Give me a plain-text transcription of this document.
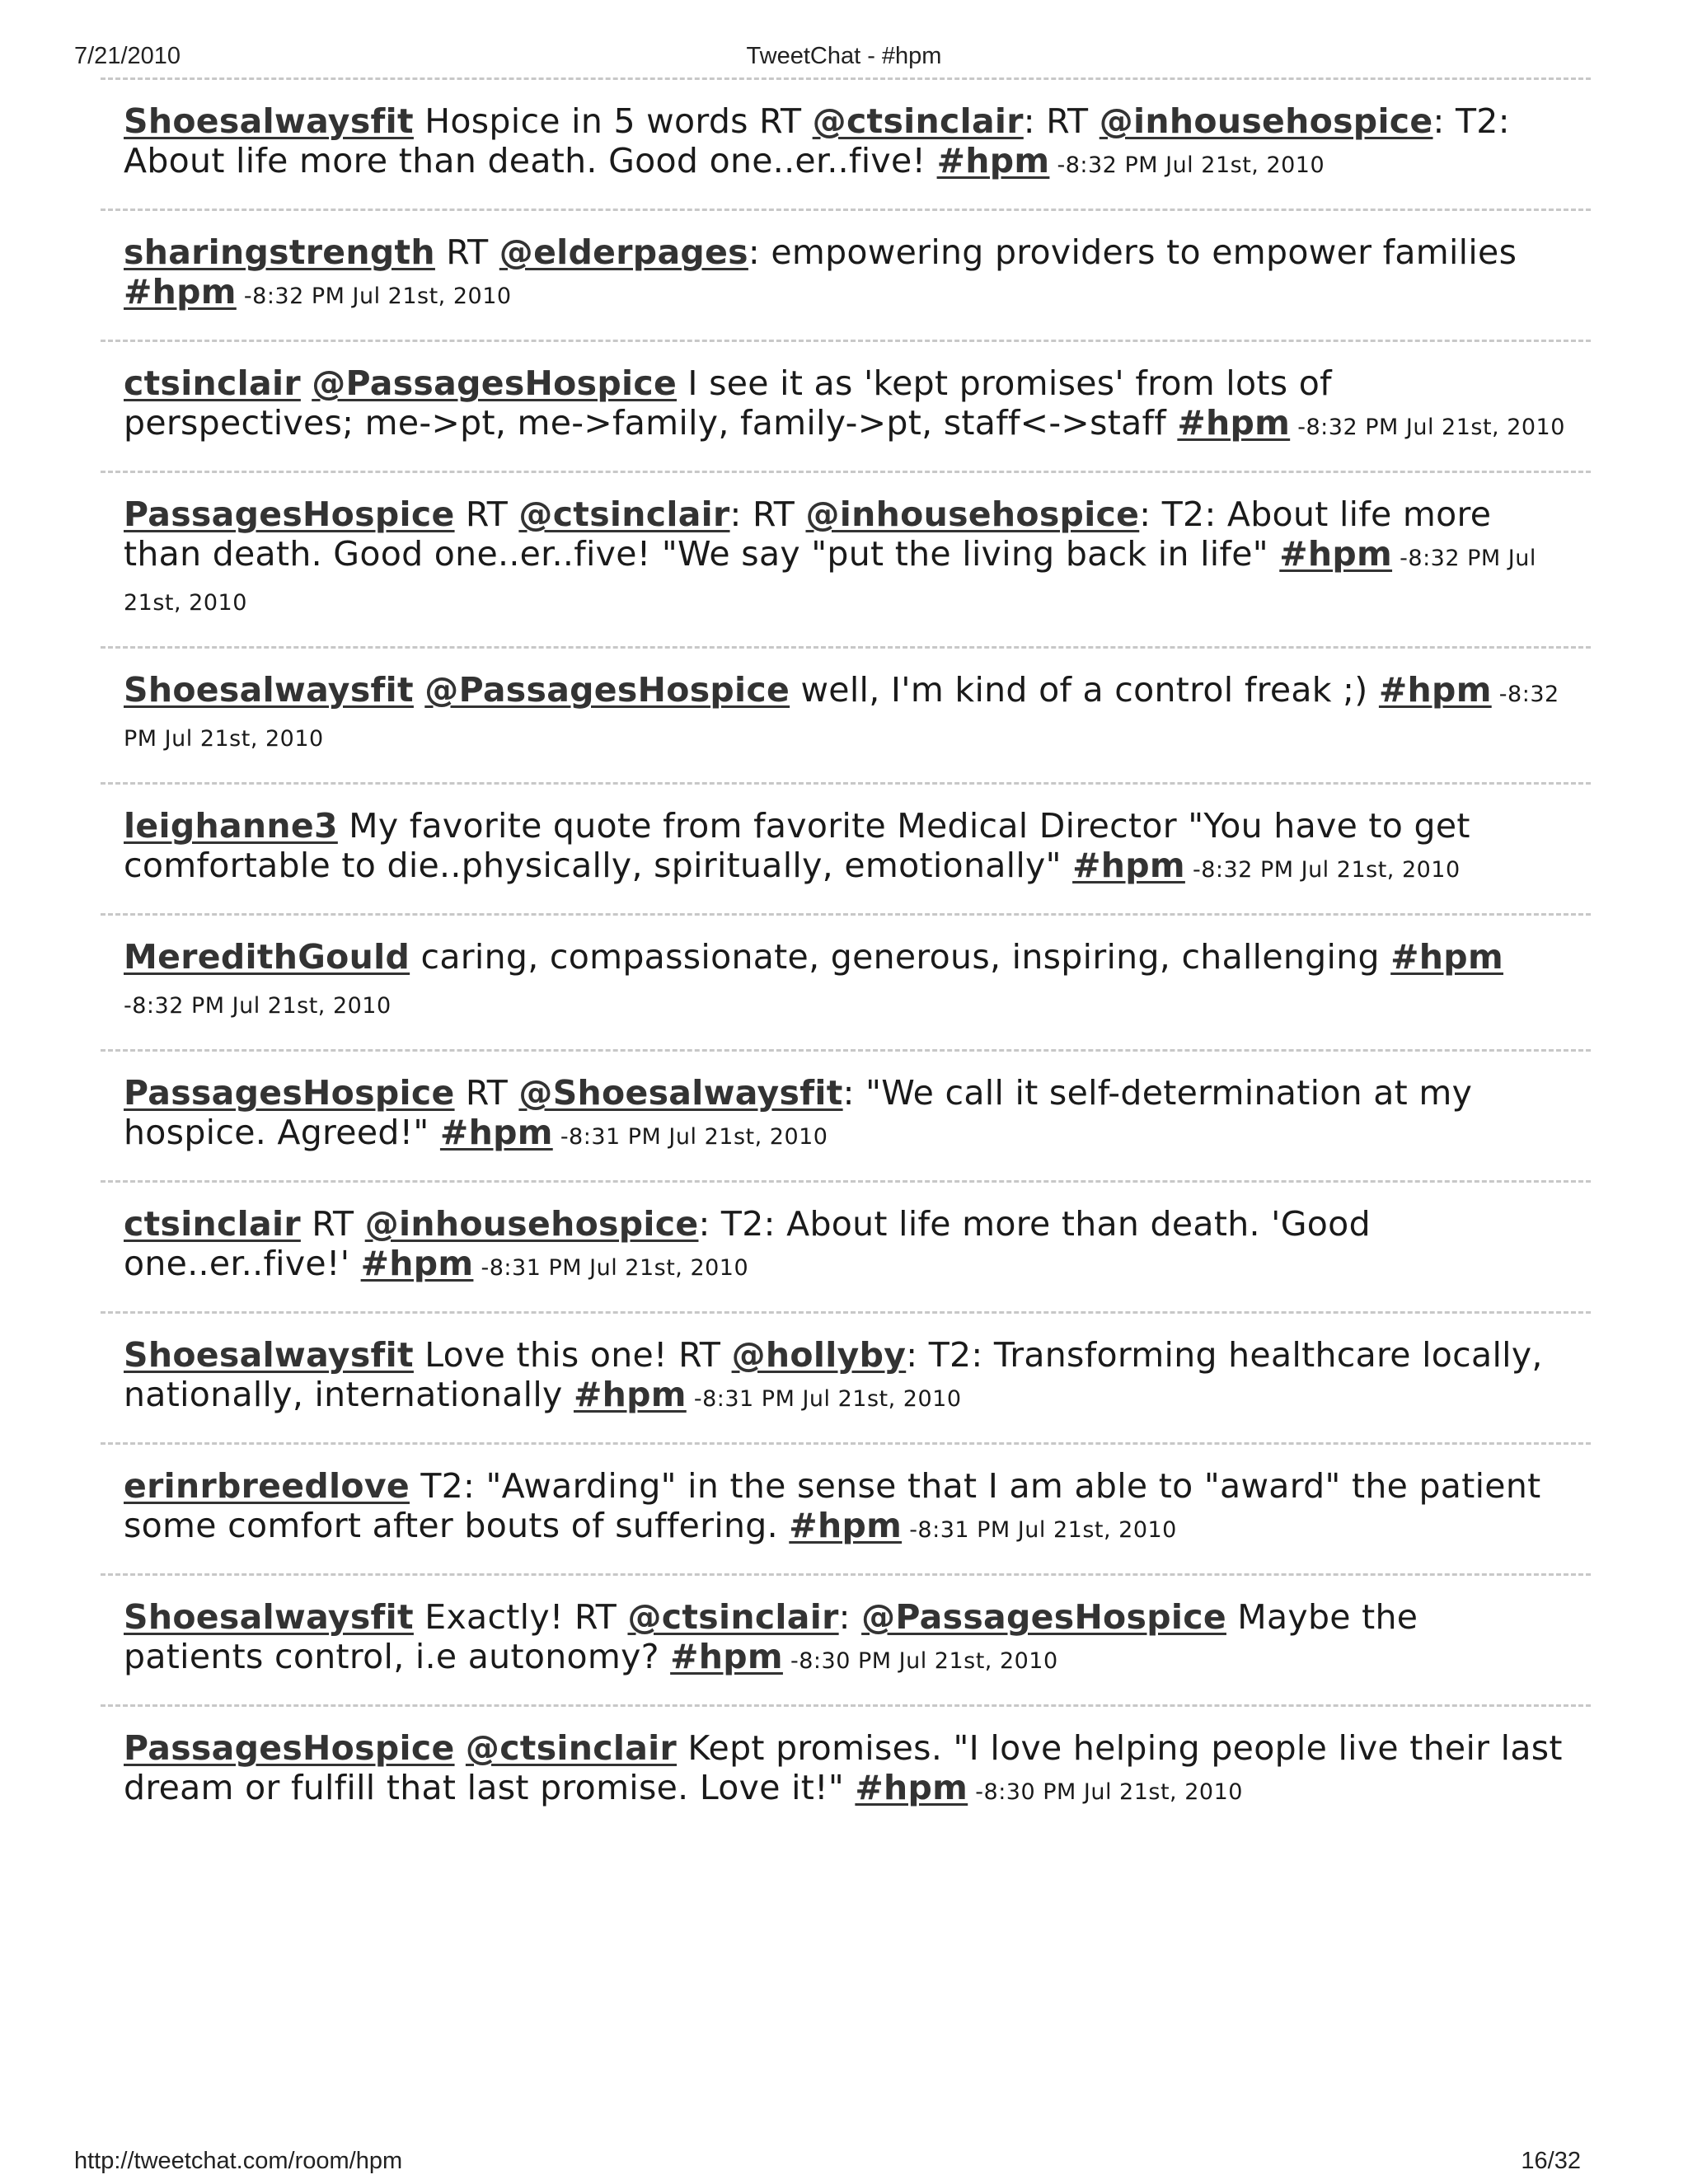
7/21/2010	TweetChat - #hpm
Shoesalwaysfit Hospice in 5 words RT @ctsinclair: RT @inhousehospice: T2: About life more than death. Good one..er..five! #hpm -8:32 PM Jul 21st, 2010
sharingstrength RT @elderpages: empowering providers to empower families #hpm -8:32 PM Jul 21st, 2010
ctsinclair @PassagesHospice I see it as 'kept promises' from lots of perspectives; me->pt, me->family, family->pt, staff<->staff #hpm -8:32 PM Jul 21st, 2010
PassagesHospice RT @ctsinclair: RT @inhousehospice: T2: About life more than death. Good one..er..five! "We say "put the living back in life" #hpm -8:32 PM Jul 21st, 2010
Shoesalwaysfit @PassagesHospice well, I'm kind of a control freak ;) #hpm -8:32 PM Jul 21st, 2010
leighanne3 My favorite quote from favorite Medical Director "You have to get comfortable to die..physically, spiritually, emotionally" #hpm -8:32 PM Jul 21st, 2010
MeredithGould caring, compassionate, generous, inspiring, challenging #hpm -8:32 PM Jul 21st, 2010
PassagesHospice RT @Shoesalwaysfit: "We call it self-determination at my hospice. Agreed!" #hpm -8:31 PM Jul 21st, 2010
ctsinclair RT @inhousehospice: T2: About life more than death. 'Good one..er..five!' #hpm -8:31 PM Jul 21st, 2010
Shoesalwaysfit Love this one! RT @hollyby: T2: Transforming healthcare locally, nationally, internationally #hpm -8:31 PM Jul 21st, 2010
erinrbreedlove T2: "Awarding" in the sense that I am able to "award" the patient some comfort after bouts of suffering. #hpm -8:31 PM Jul 21st, 2010
Shoesalwaysfit Exactly! RT @ctsinclair: @PassagesHospice Maybe the patients control, i.e autonomy? #hpm -8:30 PM Jul 21st, 2010
PassagesHospice @ctsinclair Kept promises. "I love helping people live their last dream or fulfill that last promise. Love it!" #hpm -8:30 PM Jul 21st, 2010
http://tweetchat.com/room/hpm	16/32
